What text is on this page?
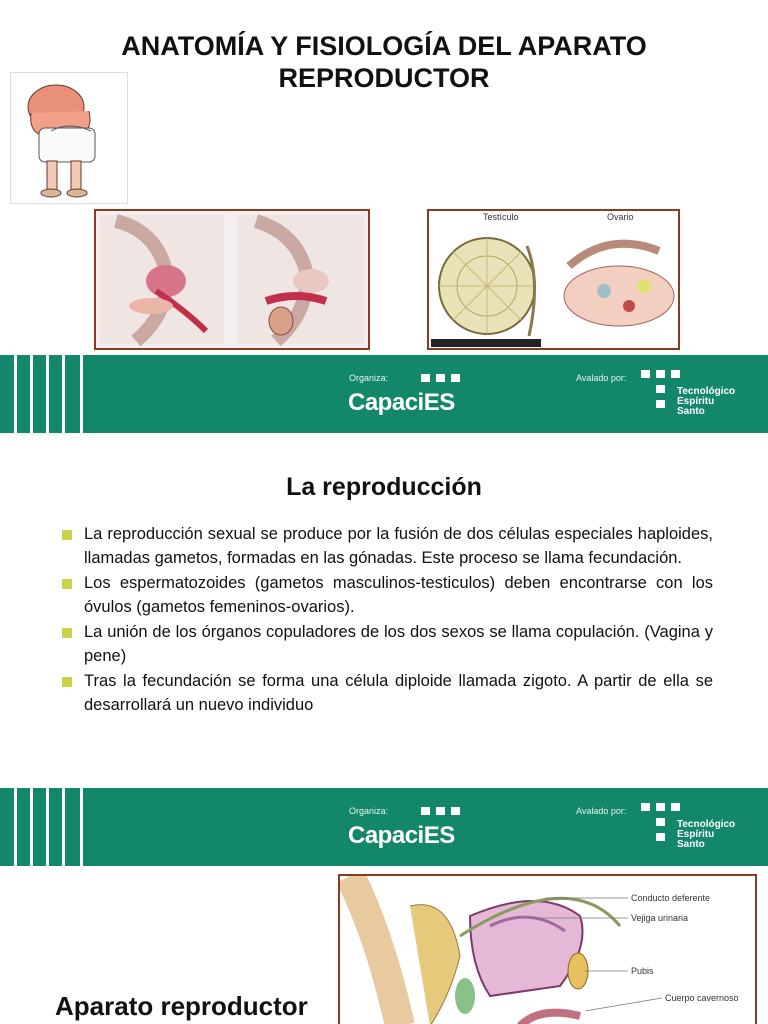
ANATOMÍA Y FISIOLOGÍA DEL APARATO REPRODUCTOR
Testículo	Ovario
Organiza:
CapaciES
Avalado por:
Tecnológico
Espíritu
Santo
La reproducción
La reproducción sexual se produce por la fusión de dos células especiales haploides, llamadas gametos, formadas en las gónadas. Este proceso se llama fecundación.
Los espermatozoides (gametos masculinos-testiculos) deben encontrarse con los óvulos (gametos femeninos-ovarios).
La unión de los órganos copuladores de los dos sexos se llama copulación. (Vagina y pene)
Tras la fecundación se forma una célula diploide llamada zigoto. A partir de ella se desarrollará un nuevo individuo
Organiza:
CapaciES
Avalado por:
Tecnológico
Espíritu
Santo
Aparato reproductor
Conducto deferente
Vejiga urinaria
Pubis
Cuerpo cavernoso
